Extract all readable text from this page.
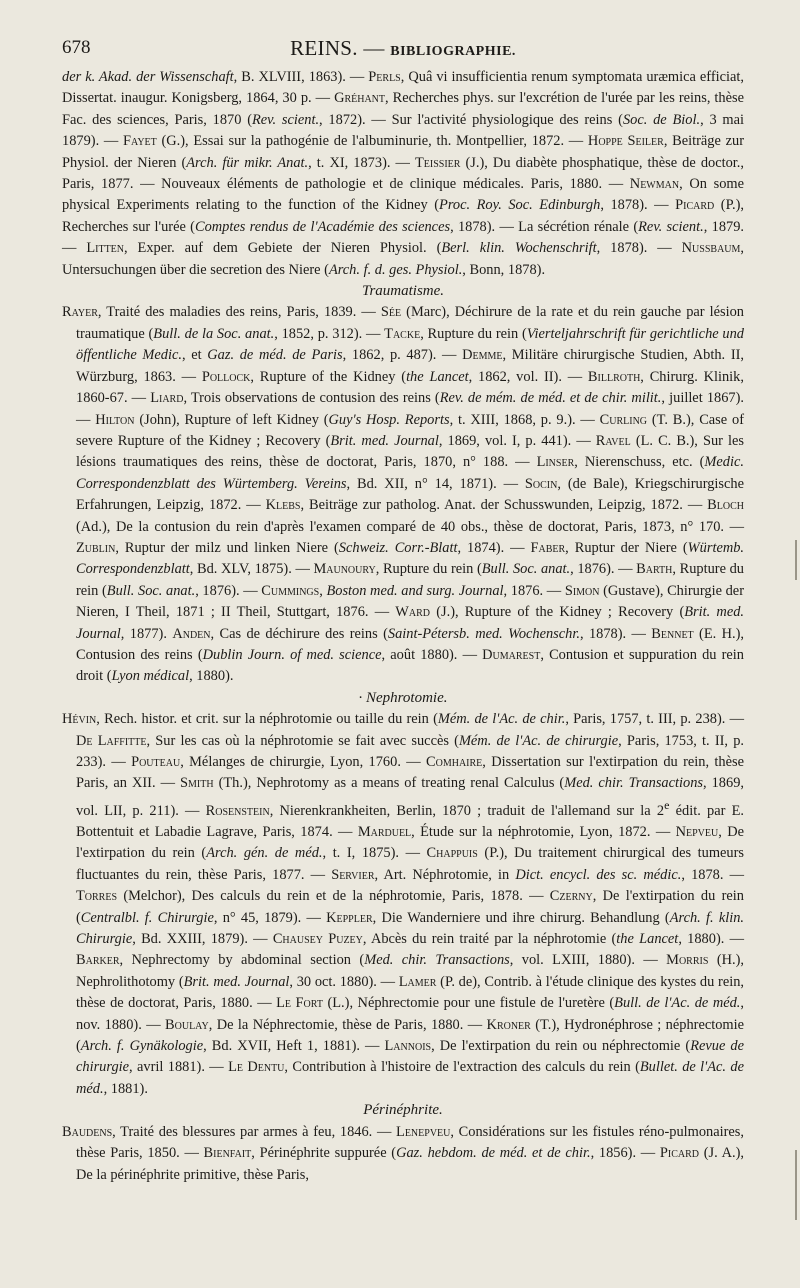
678	REINS. — BIBLIOGRAPHIE.

der k. Akad. der Wissenschaft, B. XLVIII, 1863). — Perls, Quâ vi insufficientia renum symptomata uræmica efficiat, Dissertat. inaugur. Konigsberg, 1864, 30 p. — Gréhant, Recherches phys. sur l'excrétion de l'urée par les reins, thèse Fac. des sciences, Paris, 1870 (Rev. scient., 1872). — Sur l'activité physiologique des reins (Soc. de Biol., 3 mai 1879). — Fayet (G.), Essai sur la pathogénie de l'albuminurie, th. Montpellier, 1872. — Hoppe Seiler, Beiträge zur Physiol. der Nieren (Arch. für mikr. Anat., t. XI, 1873). — Teissier (J.), Du diabète phosphatique, thèse de doctor., Paris, 1877. — Nouveaux éléments de pathologie et de clinique médicales. Paris, 1880. — Newman, On some physical Experiments relating to the function of the Kidney (Proc. Roy. Soc. Edinburgh, 1878). — Picard (P.), Recherches sur l'urée (Comptes rendus de l'Académie des sciences, 1878). — La sécrétion rénale (Rev. scient., 1879. — Litten, Exper. auf dem Gebiete der Nieren Physiol. (Berl. klin. Wochenschrift, 1878). — Nussbaum, Untersuchungen über die secretion des Niere (Arch. f. d. ges. Physiol., Bonn, 1878).

Traumatisme.

Rayer, Traité des maladies des reins, Paris, 1839. — Sée (Marc), Déchirure de la rate et du rein gauche par lésion traumatique (Bull. de la Soc. anat., 1852, p. 312). — Tacke, Rupture du rein (Vierteljahrschrift für gerichtliche und öffentliche Medic., et Gaz. de méd. de Paris, 1862, p. 487). — Demme, Militäre chirurgische Studien, Abth. II, Würzburg, 1863. — Pollock, Rupture of the Kidney (the Lancet, 1862, vol. II). — Billroth, Chirurg. Klinik, 1860-67. — Liard, Trois observations de contusion des reins (Rev. de mém. de méd. et de chir. milit., juillet 1867). — Hilton (John), Rupture of left Kidney (Guy's Hosp. Reports, t. XIII, 1868, p. 9.). — Curling (T. B.), Case of severe Rupture of the Kidney ; Recovery (Brit. med. Journal, 1869, vol. I, p. 441). — Ravel (L. C. B.), Sur les lésions traumatiques des reins, thèse de doctorat, Paris, 1870, n° 188. — Linser, Nierenschuss, etc. (Medic. Correspondenzblatt des Würtemberg. Vereins, Bd. XII, n° 14, 1871). — Socin, (de Bale), Kriegschirurgische Erfahrungen, Leipzig, 1872. — Klebs, Beiträge zur patholog. Anat. der Schusswunden, Leipzig, 1872. — Bloch (Ad.), De la contusion du rein d'après l'examen comparé de 40 obs., thèse de doctorat, Paris, 1873, n° 170. — Zublin, Ruptur der milz und linken Niere (Schweiz. Corr.-Blatt, 1874). — Faber, Ruptur der Niere (Würtemb. Correspondenzblatt, Bd. XLV, 1875). — Maunoury, Rupture du rein (Bull. Soc. anat., 1876). — Barth, Rupture du rein (Bull. Soc. anat., 1876). — Cummings, Boston med. and surg. Journal, 1876. — Simon (Gustave), Chirurgie der Nieren, I Theil, 1871 ; II Theil, Stuttgart, 1876. — Ward (J.), Rupture of the Kidney ; Recovery (Brit. med. Journal, 1877). Anden, Cas de déchirure des reins (Saint-Pétersb. med. Wochenschr., 1878). — Bennet (E. H.), Contusion des reins (Dublin Journ. of med. science, août 1880). — Dumarest, Contusion et suppuration du rein droit (Lyon médical, 1880).

· Nephrotomie.

Hévin, Rech. histor. et crit. sur la néphrotomie ou taille du rein (Mém. de l'Ac. de chir., Paris, 1757, t. III, p. 238). — De Laffitte, Sur les cas où la néphrotomie se fait avec succès (Mém. de l'Ac. de chirurgie, Paris, 1753, t. II, p. 233). — Pouteau, Mélanges de chirurgie, Lyon, 1760. — Comhaire, Dissertation sur l'extirpation du rein, thèse Paris, an XII. — Smith (Th.), Nephrotomy as a means of treating renal Calculus (Med. chir. Transactions, 1869, vol. LII, p. 211). — Rosenstein, Nierenkrankheiten, Berlin, 1870 ; traduit de l'allemand sur la 2e édit. par E. Bottentuit et Labadie Lagrave, Paris, 1874. — Marduel, Étude sur la néphrotomie, Lyon, 1872. — Nepveu, De l'extirpation du rein (Arch. gén. de méd., t. I, 1875). — Chappuis (P.), Du traitement chirurgical des tumeurs fluctuantes du rein, thèse Paris, 1877. — Servier, Art. Néphrotomie, in Dict. encycl. des sc. médic., 1878. — Torres (Melchor), Des calculs du rein et de la néphrotomie, Paris, 1878. — Czerny, De l'extirpation du rein (Centralbl. f. Chirurgie, n° 45, 1879). — Keppler, Die Wanderniere und ihre chirurg. Behandlung (Arch. f. klin. Chirurgie, Bd. XXIII, 1879). — Chausey Puzey, Abcès du rein traité par la néphrotomie (the Lancet, 1880). — Barker, Nephrectomy by abdominal section (Med. chir. Transactions, vol. LXIII, 1880). — Morris (H.), Nephrolithotomy (Brit. med. Journal, 30 oct. 1880). — Lamer (P. de), Contrib. à l'étude clinique des kystes du rein, thèse de doctorat, Paris, 1880. — Le Fort (L.), Néphrectomie pour une fistule de l'uretère (Bull. de l'Ac. de méd., nov. 1880). — Boulay, De la Néphrectomie, thèse de Paris, 1880. — Kroner (T.), Hydronéphrose ; néphrectomie (Arch. f. Gynäkologie, Bd. XVII, Heft 1, 1881). — Lannois, De l'extirpation du rein ou néphrectomie (Revue de chirurgie, avril 1881). — Le Dentu, Contribution à l'histoire de l'extraction des calculs du rein (Bullet. de l'Ac. de méd., 1881).

Périnéphrite.

Baudens, Traité des blessures par armes à feu, 1846. — Lenepveu, Considérations sur les fistules réno-pulmonaires, thèse Paris, 1850. — Bienfait, Périnéphrite suppurée (Gaz. hebdom. de méd. et de chir., 1856). — Picard (J. A.), De la périnéphrite primitive, thèse Paris,
